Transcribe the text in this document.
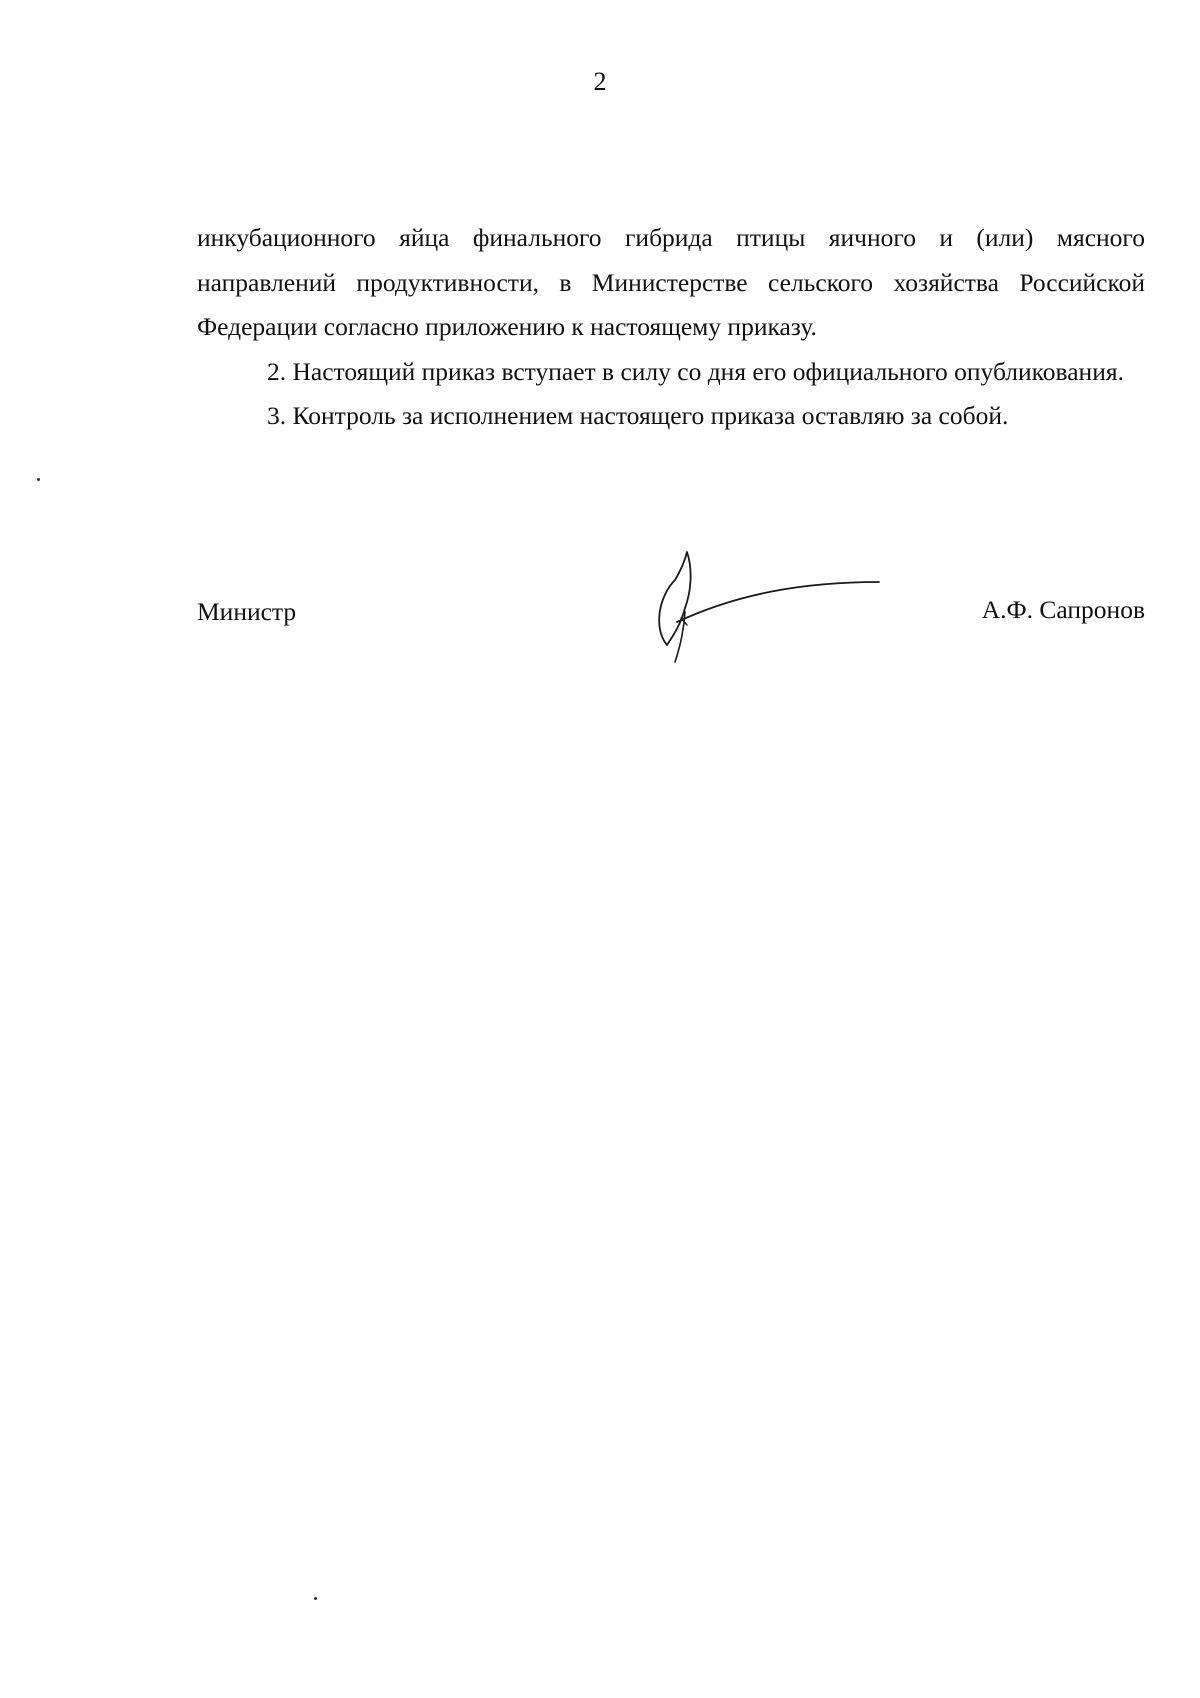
2

инкубационного яйца финального гибрида птицы яичного и (или) мясного направлений продуктивности, в Министерстве сельского хозяйства Российской Федерации согласно приложению к настоящему приказу.

2. Настоящий приказ вступает в силу со дня его официального опубликования.

3. Контроль за исполнением настоящего приказа оставляю за собой.

Министр	А.Ф. Сапронов
